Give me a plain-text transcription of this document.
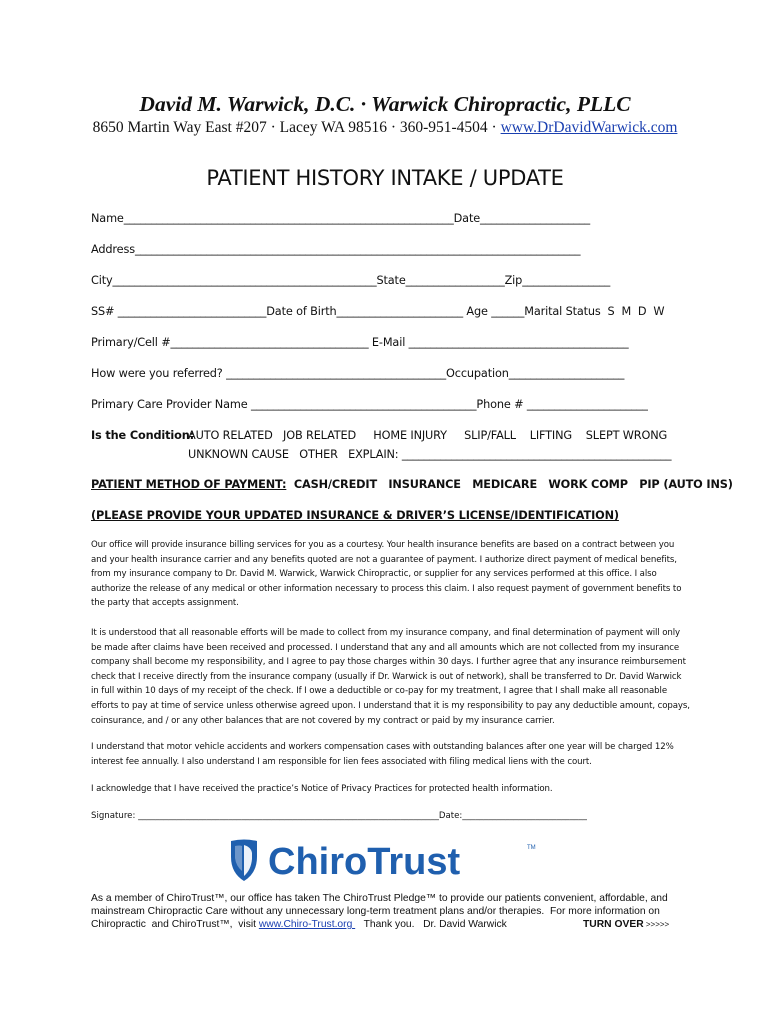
David M. Warwick, D.C. · Warwick Chiropractic, PLLC
8650 Martin Way East #207 · Lacey WA 98516 · 360-951-4504 · www.DrDavidWarwick.com
PATIENT HISTORY INTAKE / UPDATE
Name____________________________________________________________Date____________________
Address_________________________________________________________________________________
City________________________________________________State__________________Zip________________
SS# ___________________________Date of Birth_______________________ Age ______Marital Status  S  M  D  W
Primary/Cell #____________________________________ E-Mail ________________________________________
How were you referred? ________________________________________Occupation_____________________
Primary Care Provider Name _________________________________________Phone # ______________________
Is the Condition:
AUTO RELATED   JOB RELATED     HOME INJURY     SLIP/FALL    LIFTING    SLEPT WRONG
UNKNOWN CAUSE   OTHER   EXPLAIN: _________________________________________________
PATIENT METHOD OF PAYMENT: CASH/CREDIT   INSURANCE   MEDICARE   WORK COMP   PIP (AUTO INS)
(PLEASE PROVIDE YOUR UPDATED INSURANCE & DRIVER’S LICENSE/IDENTIFICATION)
Our office will provide insurance billing services for you as a courtesy. Your health insurance benefits are based on a contract between you and your health insurance carrier and any benefits quoted are not a guarantee of payment. I authorize direct payment of medical benefits, from my insurance company to Dr. David M. Warwick, Warwick Chiropractic, or supplier for any services performed at this office. I also authorize the release of any medical or other information necessary to process this claim. I also request payment of government benefits to the party that accepts assignment.
It is understood that all reasonable efforts will be made to collect from my insurance company, and final determination of payment will only be made after claims have been received and processed. I understand that any and all amounts which are not collected from my insurance company shall become my responsibility, and I agree to pay those charges within 30 days. I further agree that any insurance reimbursement check that I receive directly from the insurance company (usually if Dr. Warwick is out of network), shall be transferred to Dr. David Warwick in full within 10 days of my receipt of the check. If I owe a deductible or co-pay for my treatment, I agree that I shall make all reasonable efforts to pay at time of service unless otherwise agreed upon. I understand that it is my responsibility to pay any deductible amount, copays, coinsurance, and / or any other balances that are not covered by my contract or paid by my insurance carrier.
I understand that motor vehicle accidents and workers compensation cases with outstanding balances after one year will be charged 12% interest fee annually. I also understand I am responsible for lien fees associated with filing medical liens with the court.
I acknowledge that I have received the practice’s Notice of Privacy Practices for protected health information.
Signature: ______________________________________________________________________Date:_____________________________
ChiroTrust	TM
As a member of ChiroTrust™, our office has taken The ChiroTrust Pledge™ to provide our patients convenient, affordable, and
mainstream Chiropractic Care without any unnecessary long-term treatment plans and/or therapies.  For more information on
Chiropractic  and ChiroTrust™,  visit www.Chiro-Trust.org    Thank you.   Dr. David Warwick	TURN OVER >>>>>
